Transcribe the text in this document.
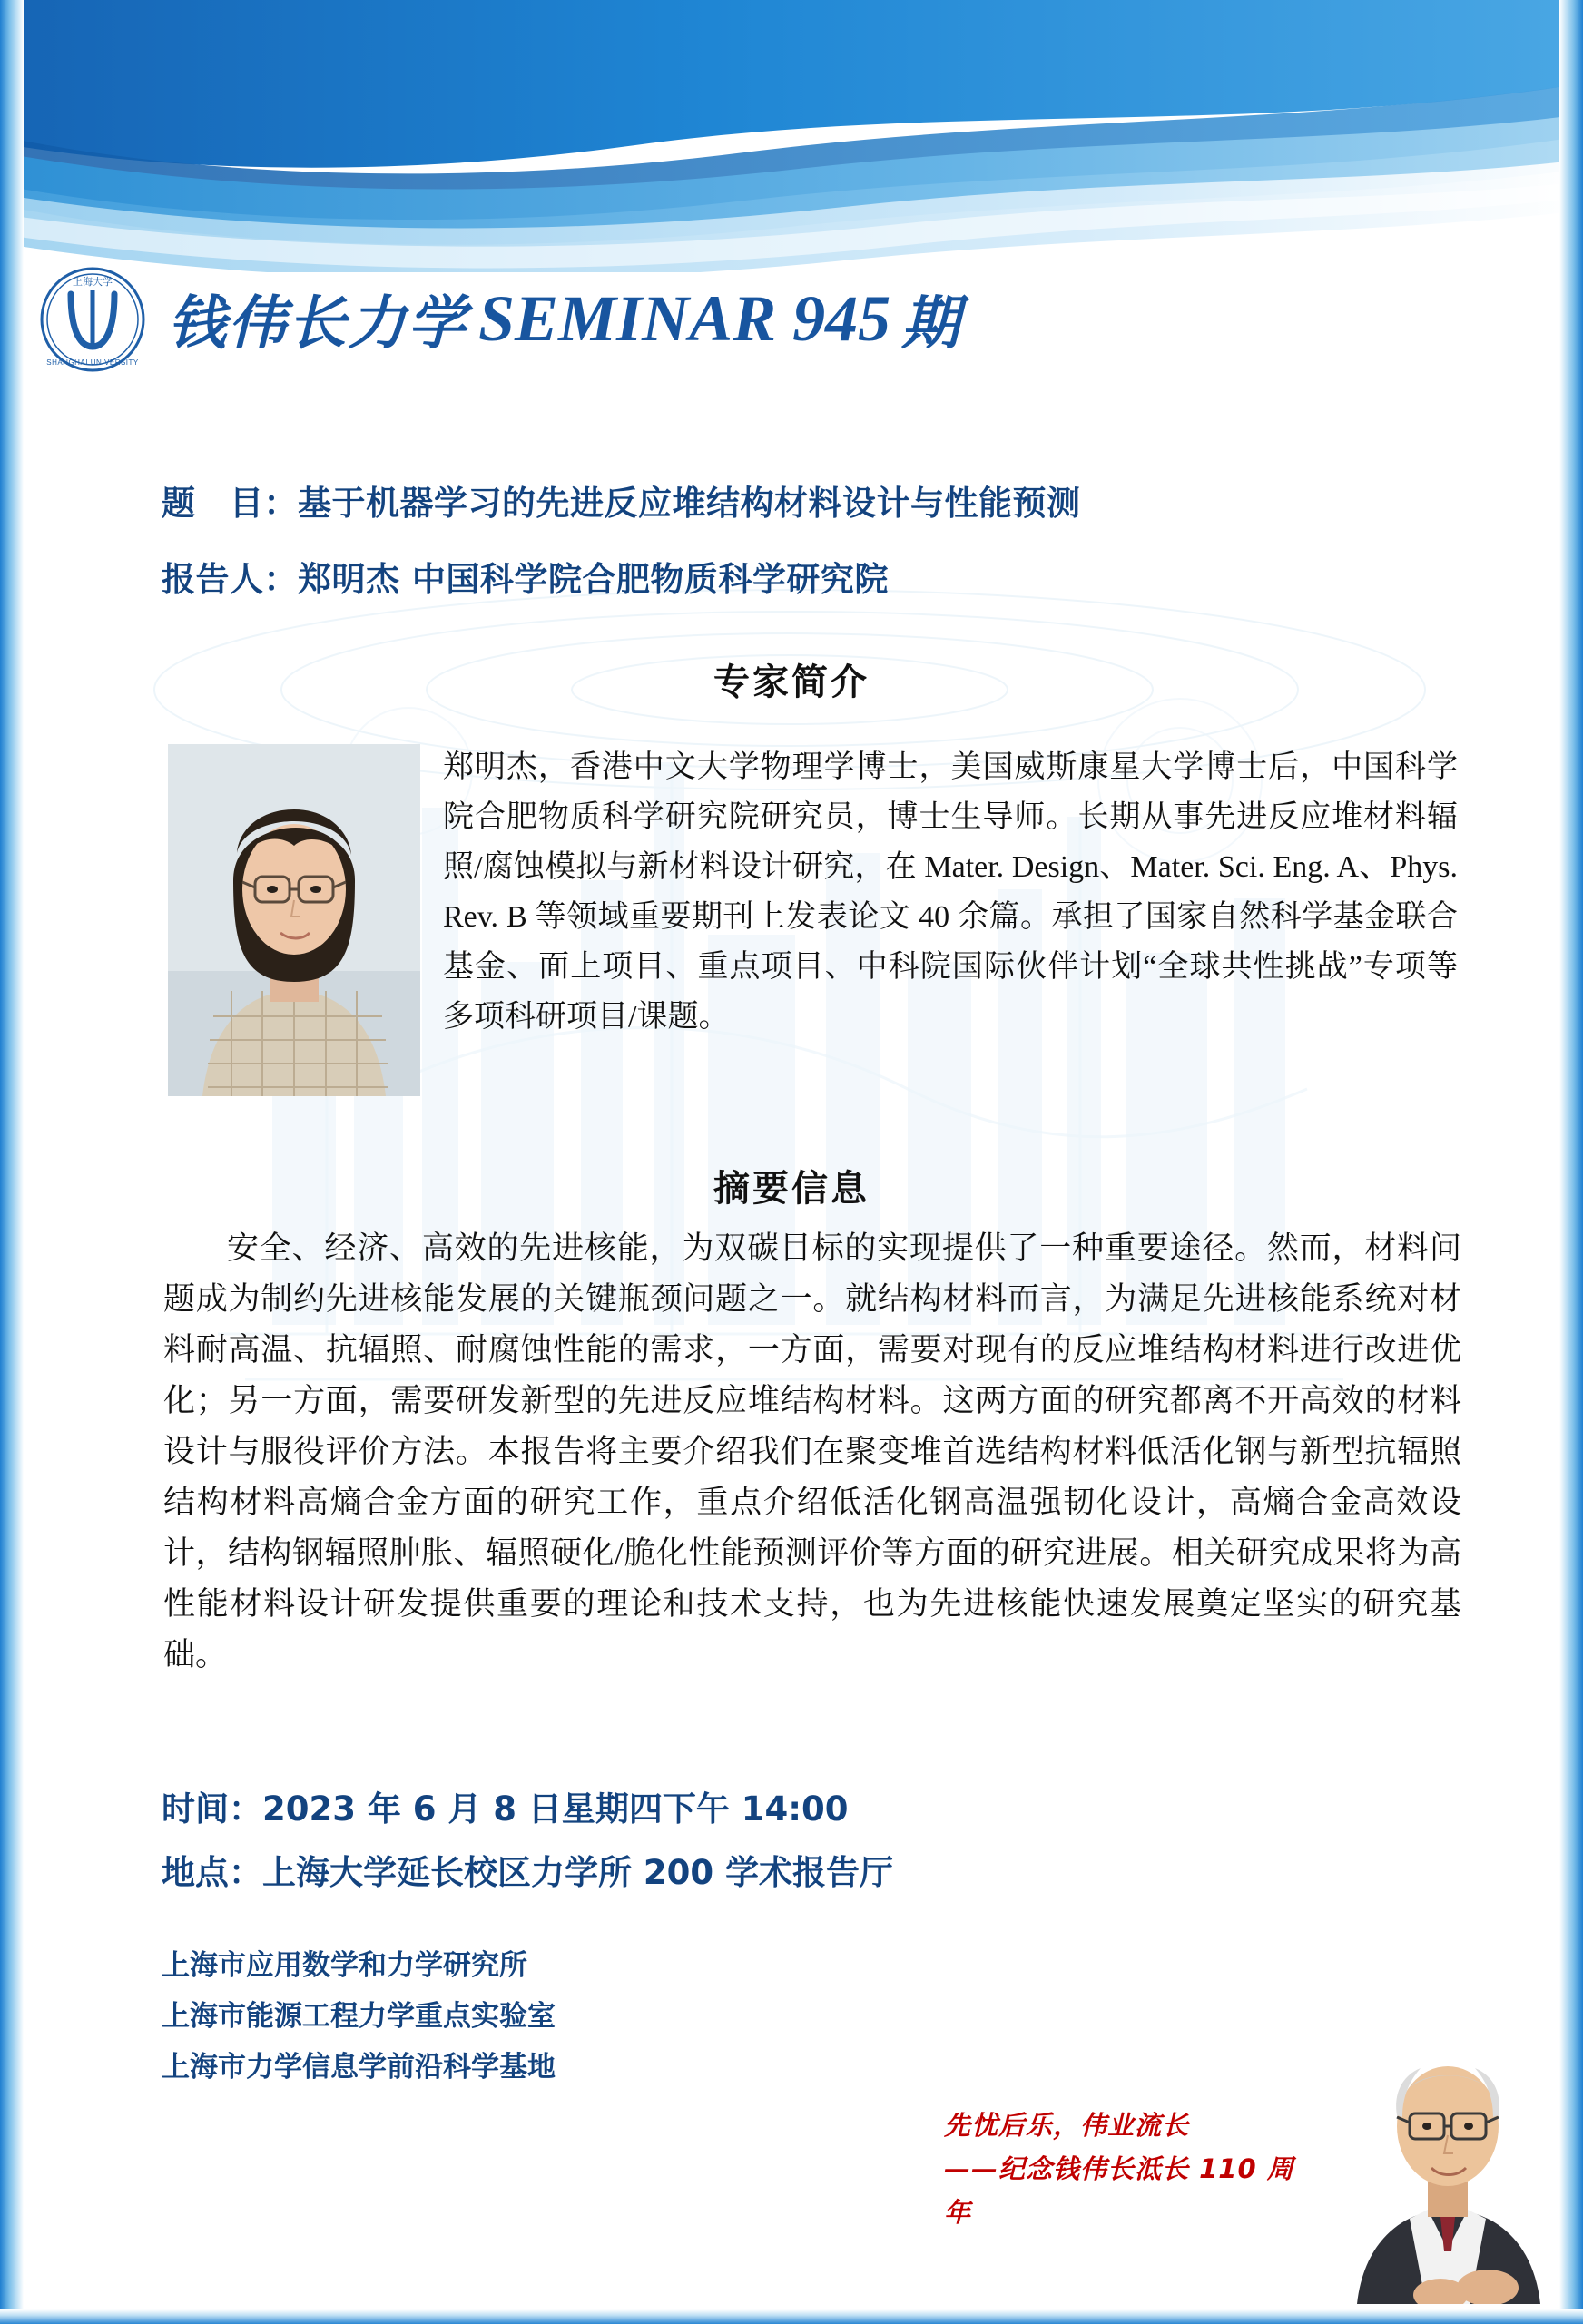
上海大学
SHANGHAI UNIVERSITY
钱伟长力学 SEMINAR 945 期
题　目：基于机器学习的先进反应堆结构材料设计与性能预测
报告人：郑明杰 中国科学院合肥物质科学研究院
专家简介
郑明杰，香港中文大学物理学博士，美国威斯康星大学博士后，中国科学院合肥物质科学研究院研究员，博士生导师。长期从事先进反应堆材料辐照/腐蚀模拟与新材料设计研究，在 Mater. Design、Mater. Sci. Eng. A、Phys. Rev. B 等领域重要期刊上发表论文 40 余篇。承担了国家自然科学基金联合基金、面上项目、重点项目、中科院国际伙伴计划“全球共性挑战”专项等多项科研项目/课题。
摘要信息
安全、经济、高效的先进核能，为双碳目标的实现提供了一种重要途径。然而，材料问题成为制约先进核能发展的关键瓶颈问题之一。就结构材料而言，为满足先进核能系统对材料耐高温、抗辐照、耐腐蚀性能的需求，一方面，需要对现有的反应堆结构材料进行改进优化；另一方面，需要研发新型的先进反应堆结构材料。这两方面的研究都离不开高效的材料设计与服役评价方法。本报告将主要介绍我们在聚变堆首选结构材料低活化钢与新型抗辐照结构材料高熵合金方面的研究工作，重点介绍低活化钢高温强韧化设计，高熵合金高效设计，结构钢辐照肿胀、辐照硬化/脆化性能预测评价等方面的研究进展。相关研究成果将为高性能材料设计研发提供重要的理论和技术支持，也为先进核能快速发展奠定坚实的研究基础。
时间：2023 年 6 月 8 日星期四下午 14:00
地点：上海大学延长校区力学所 200 学术报告厅
上海市应用数学和力学研究所
上海市能源工程力学重点实验室
上海市力学信息学前沿科学基地
先忧后乐，伟业流长
——纪念钱伟长泜长 110 周年
